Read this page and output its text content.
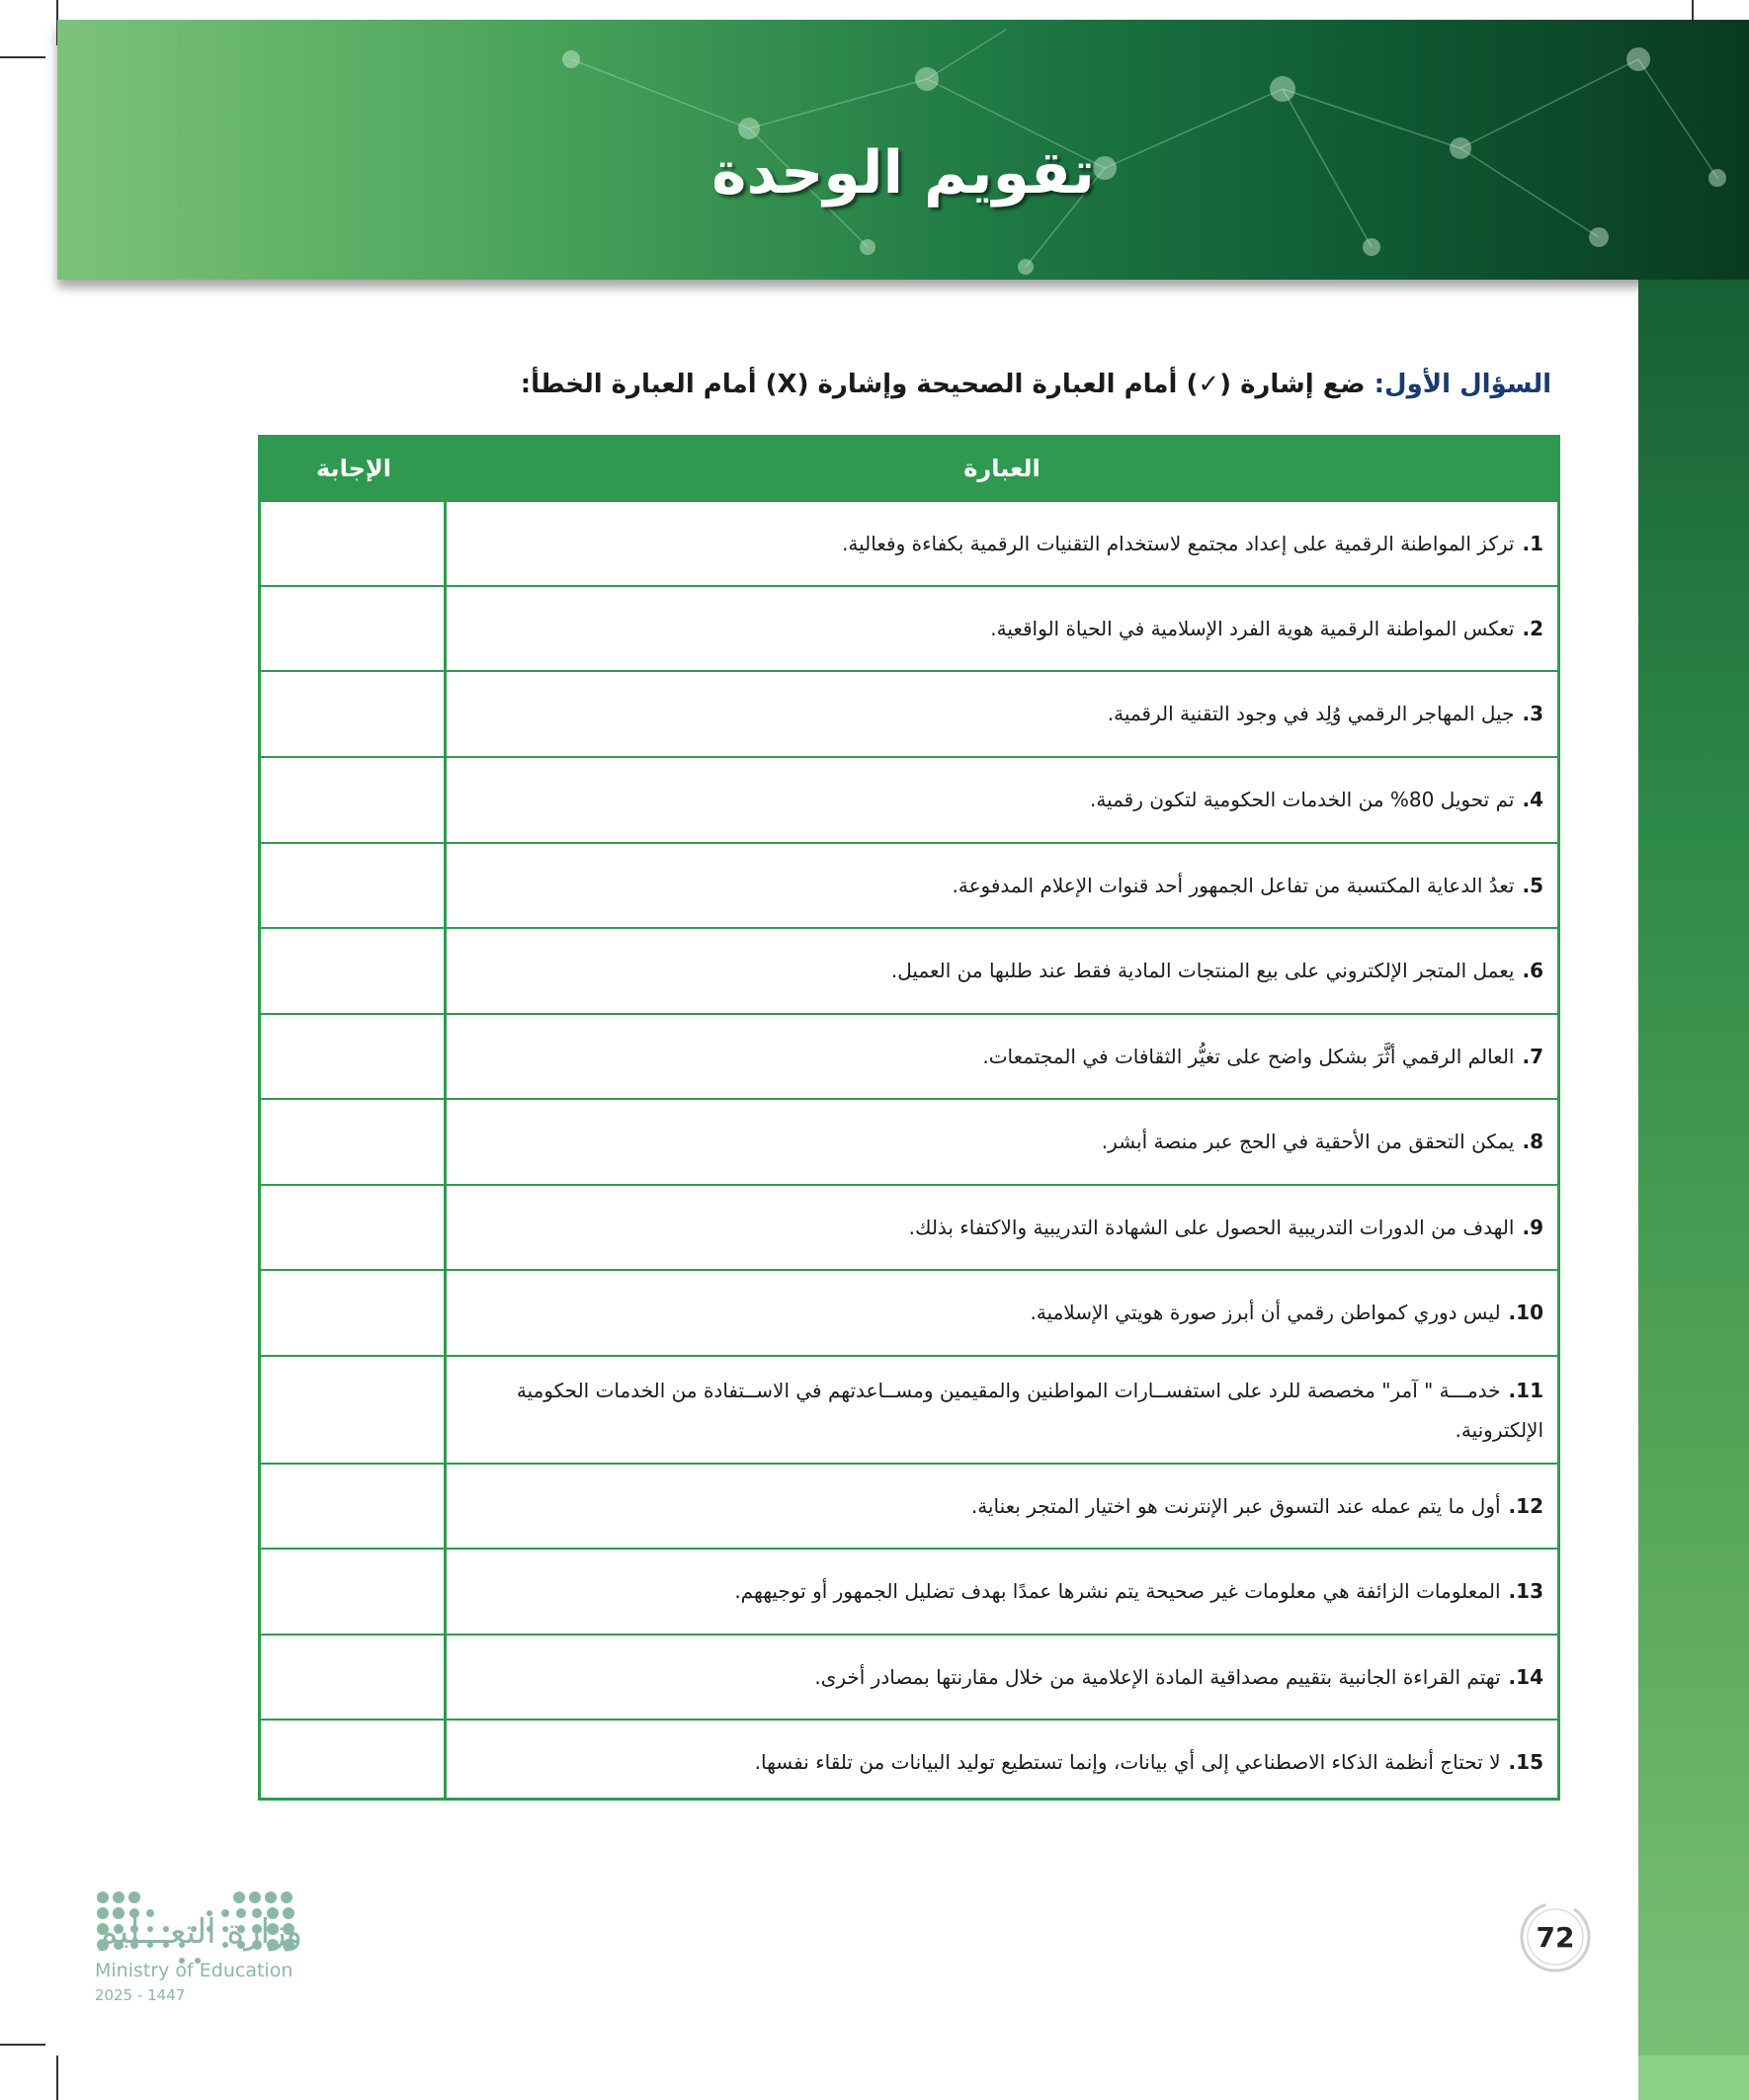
تقويم الوحدة
السؤال الأول: ضع إشارة (✓) أمام العبارة الصحيحة وإشارة (X) أمام العبارة الخطأ:
العبارة
الإجابة
1.تركز المواطنة الرقمية على إعداد مجتمع لاستخدام التقنيات الرقمية بكفاءة وفعالية.
2.تعكس المواطنة الرقمية هوية الفرد الإسلامية في الحياة الواقعية.
3.جيل المهاجر الرقمي وُلِد في وجود التقنية الرقمية.
4.تم تحويل 80% من الخدمات الحكومية لتكون رقمية.
5.تعدُ الدعاية المكتسبة من تفاعل الجمهور أحد قنوات الإعلام المدفوعة.
6.يعمل المتجر الإلكتروني على بيع المنتجات المادية فقط عند طلبها من العميل.
7.العالم الرقمي أثَّرَ بشكل واضح على تغيُّر الثقافات في المجتمعات.
8.يمكن التحقق من الأحقية في الحج عبر منصة أبشر.
9.الهدف من الدورات التدريبية الحصول على الشهادة التدريبية والاكتفاء بذلك.
10.ليس دوري كمواطن رقمي أن أبرز صورة هويتي الإسلامية.
11.خدمـــة " آمر" مخصصة للرد على استفســارات المواطنين والمقيمين ومســاعدتهم في الاســتفادة من الخدمات الحكومية الإلكترونية.
12.أول ما يتم عمله عند التسوق عبر الإنترنت هو اختيار المتجر بعناية.
13.المعلومات الزائفة هي معلومات غير صحيحة يتم نشرها عمدًا بهدف تضليل الجمهور أو توجيههم.
14.تهتم القراءة الجانبية بتقييم مصداقية المادة الإعلامية من خلال مقارنتها بمصادر أخرى.
15.لا تحتاج أنظمة الذكاء الاصطناعي إلى أي بيانات، وإنما تستطيع توليد البيانات من تلقاء نفسها.
وزارة التعـــليم
Ministry of Education
2025 - 1447
72
